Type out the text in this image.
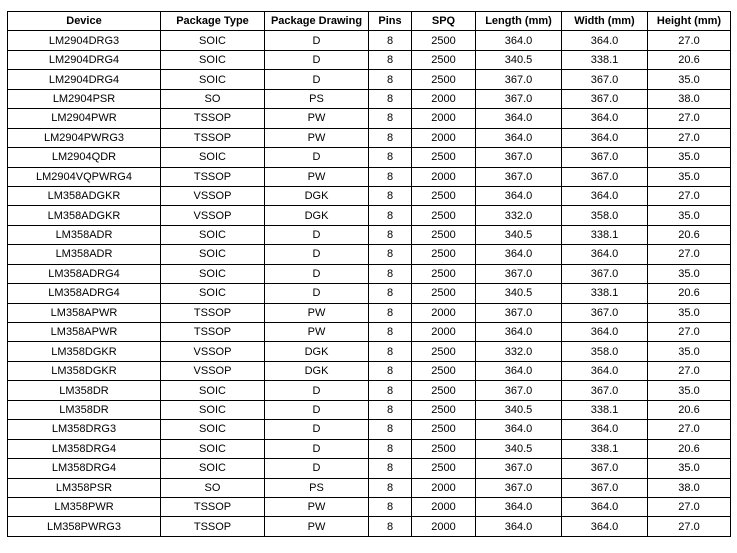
Device	Package Type	Package Drawing	Pins	SPQ	Length (mm)	Width (mm)	Height (mm)
LM2904DRG3	SOIC	D	8	2500	364.0	364.0	27.0
LM2904DRG4	SOIC	D	8	2500	340.5	338.1	20.6
LM2904DRG4	SOIC	D	8	2500	367.0	367.0	35.0
LM2904PSR	SO	PS	8	2000	367.0	367.0	38.0
LM2904PWR	TSSOP	PW	8	2000	364.0	364.0	27.0
LM2904PWRG3	TSSOP	PW	8	2000	364.0	364.0	27.0
LM2904QDR	SOIC	D	8	2500	367.0	367.0	35.0
LM2904VQPWRG4	TSSOP	PW	8	2000	367.0	367.0	35.0
LM358ADGKR	VSSOP	DGK	8	2500	364.0	364.0	27.0
LM358ADGKR	VSSOP	DGK	8	2500	332.0	358.0	35.0
LM358ADR	SOIC	D	8	2500	340.5	338.1	20.6
LM358ADR	SOIC	D	8	2500	364.0	364.0	27.0
LM358ADRG4	SOIC	D	8	2500	367.0	367.0	35.0
LM358ADRG4	SOIC	D	8	2500	340.5	338.1	20.6
LM358APWR	TSSOP	PW	8	2000	367.0	367.0	35.0
LM358APWR	TSSOP	PW	8	2000	364.0	364.0	27.0
LM358DGKR	VSSOP	DGK	8	2500	332.0	358.0	35.0
LM358DGKR	VSSOP	DGK	8	2500	364.0	364.0	27.0
LM358DR	SOIC	D	8	2500	367.0	367.0	35.0
LM358DR	SOIC	D	8	2500	340.5	338.1	20.6
LM358DRG3	SOIC	D	8	2500	364.0	364.0	27.0
LM358DRG4	SOIC	D	8	2500	340.5	338.1	20.6
LM358DRG4	SOIC	D	8	2500	367.0	367.0	35.0
LM358PSR	SO	PS	8	2000	367.0	367.0	38.0
LM358PWR	TSSOP	PW	8	2000	364.0	364.0	27.0
LM358PWRG3	TSSOP	PW	8	2000	364.0	364.0	27.0
